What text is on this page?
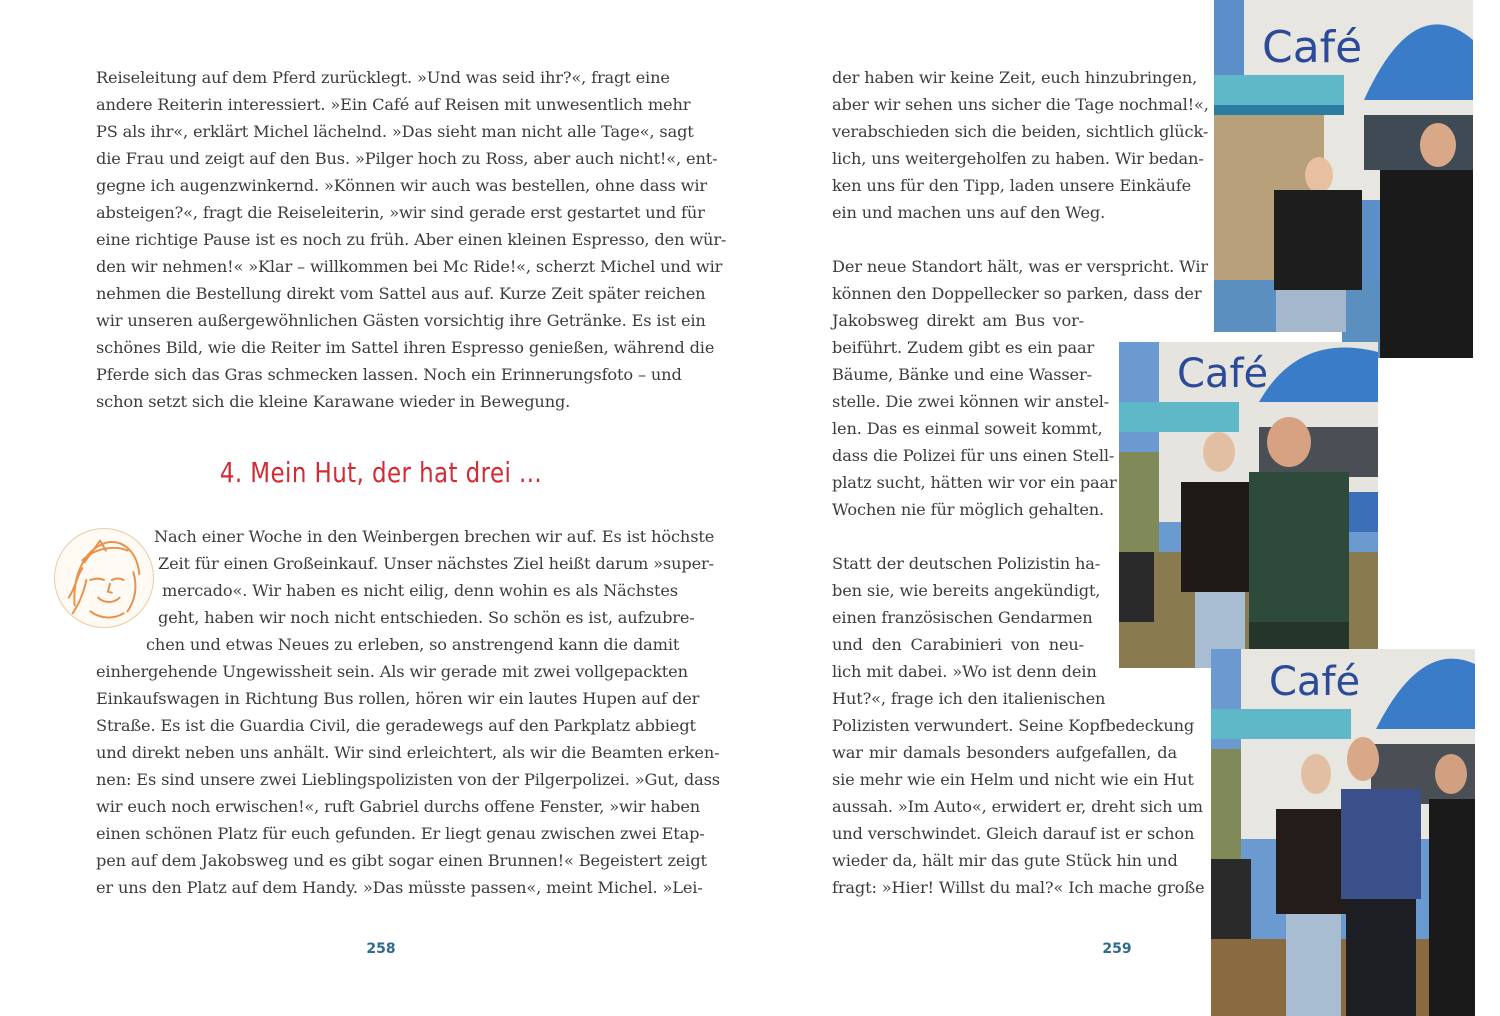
Reiseleitung auf dem Pferd zurücklegt. »Und was seid ihr?«, fragt eine
andere Reiterin interessiert. »Ein Café auf Reisen mit unwesentlich mehr
PS als ihr«, erklärt Michel lächelnd. »Das sieht man nicht alle Tage«, sagt
die Frau und zeigt auf den Bus. »Pilger hoch zu Ross, aber auch nicht!«, ent-
gegne ich augenzwinkernd. »Können wir auch was bestellen, ohne dass wir
absteigen?«, fragt die Reiseleiterin, »wir sind gerade erst gestartet und für
eine richtige Pause ist es noch zu früh. Aber einen kleinen Espresso, den wür-
den wir nehmen!« »Klar – willkommen bei Mc Ride!«, scherzt Michel und wir
nehmen die Bestellung direkt vom Sattel aus auf. Kurze Zeit später reichen
wir unseren außergewöhnlichen Gästen vorsichtig ihre Getränke. Es ist ein
schönes Bild, wie die Reiter im Sattel ihren Espresso genießen, während die
Pferde sich das Gras schmecken lassen. Noch ein Erinnerungsfoto – und
schon setzt sich die kleine Karawane wieder in Bewegung.
4. Mein Hut, der hat drei ...
Nach einer Woche in den Weinbergen brechen wir auf. Es ist höchste
Zeit für einen Großeinkauf. Unser nächstes Ziel heißt darum »super-
mercado«. Wir haben es nicht eilig, denn wohin es als Nächstes
geht, haben wir noch nicht entschieden. So schön es ist, aufzubre-
chen und etwas Neues zu erleben, so anstrengend kann die damit
einhergehende Ungewissheit sein. Als wir gerade mit zwei vollgepackten
Einkaufswagen in Richtung Bus rollen, hören wir ein lautes Hupen auf der
Straße. Es ist die Guardia Civil, die geradewegs auf den Parkplatz abbiegt
und direkt neben uns anhält. Wir sind erleichtert, als wir die Beamten erken-
nen: Es sind unsere zwei Lieblingspolizisten von der Pilgerpolizei. »Gut, dass
wir euch noch erwischen!«, ruft Gabriel durchs offene Fenster, »wir haben
einen schönen Platz für euch gefunden. Er liegt genau zwischen zwei Etap-
pen auf dem Jakobsweg und es gibt sogar einen Brunnen!« Begeistert zeigt
er uns den Platz auf dem Handy. »Das müsste passen«, meint Michel. »Lei-
258
der haben wir keine Zeit, euch hinzubringen,
aber wir sehen uns sicher die Tage nochmal!«,
verabschieden sich die beiden, sichtlich glück-
lich, uns weitergeholfen zu haben. Wir bedan-
ken uns für den Tipp, laden unsere Einkäufe
ein und machen uns auf den Weg.
Der neue Standort hält, was er verspricht. Wir
können den Doppellecker so parken, dass der
Jakobsweg direkt am Bus vor-
beiführt. Zudem gibt es ein paar
Bäume, Bänke und eine Wasser-
stelle. Die zwei können wir anstel-
len. Das es einmal soweit kommt,
dass die Polizei für uns einen Stell-
platz sucht, hätten wir vor ein paar
Wochen nie für möglich gehalten.
Statt der deutschen Polizistin ha-
ben sie, wie bereits angekündigt,
einen französischen Gendarmen
und den Carabinieri von neu-
lich mit dabei. »Wo ist denn dein
Hut?«, frage ich den italienischen
Polizisten verwundert. Seine Kopfbedeckung
war mir damals besonders aufgefallen, da
sie mehr wie ein Helm und nicht wie ein Hut
aussah. »Im Auto«, erwidert er, dreht sich um
und verschwindet. Gleich darauf ist er schon
wieder da, hält mir das gute Stück hin und
fragt: »Hier! Willst du mal?« Ich mache große
259
Café
Café
Café
